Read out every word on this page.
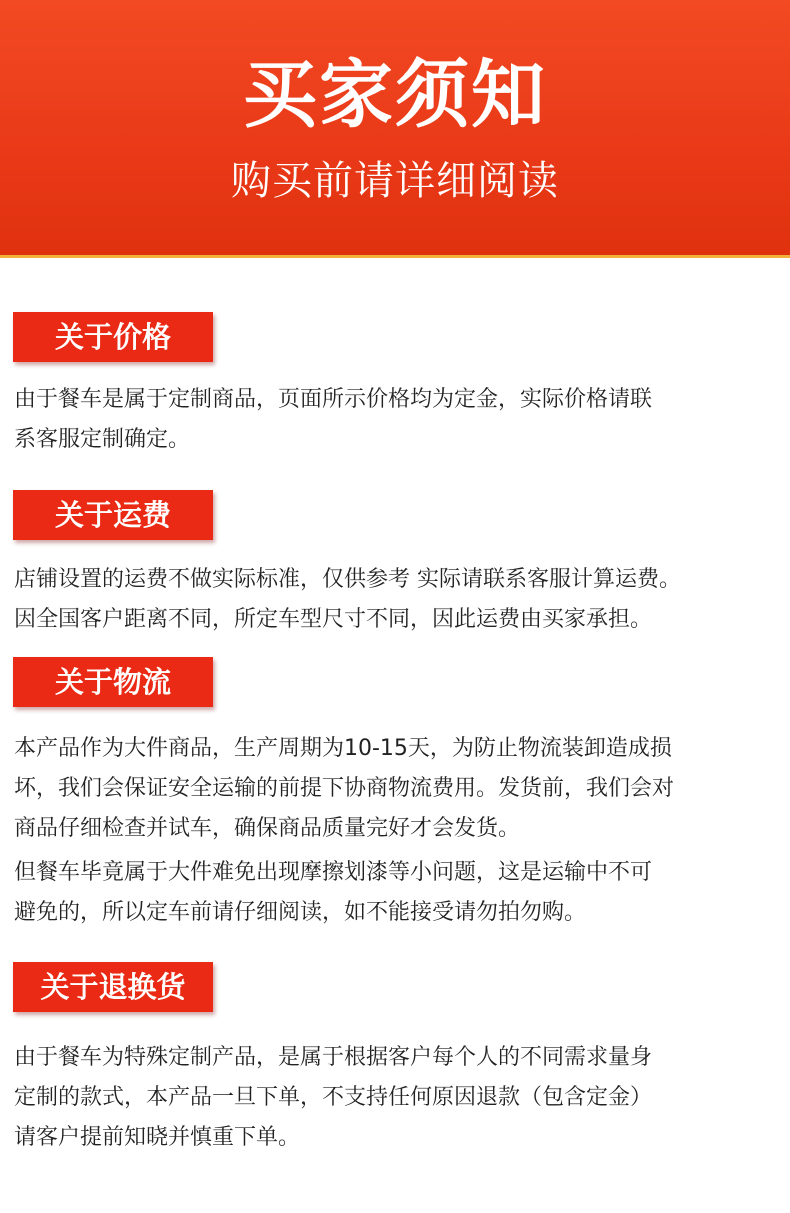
买家须知
购买前请详细阅读
关于价格

由于餐车是属于定制商品，页面所示价格均为定金，实际价格请联

系客服定制确定。

关于运费

店铺设置的运费不做实际标准，仅供参考 实际请联系客服计算运费。

因全国客户距离不同，所定车型尺寸不同，因此运费由买家承担。

关于物流

本产品作为大件商品，生产周期为10-15天，为防止物流装卸造成损

坏，我们会保证安全运输的前提下协商物流费用。发货前，我们会对

商品仔细检查并试车，确保商品质量完好才会发货。

但餐车毕竟属于大件难免出现摩擦划漆等小问题，这是运输中不可

避免的，所以定车前请仔细阅读，如不能接受请勿拍勿购。

关于退换货

由于餐车为特殊定制产品，是属于根据客户每个人的不同需求量身

定制的款式，本产品一旦下单，不支持任何原因退款（包含定金）

请客户提前知晓并慎重下单。
